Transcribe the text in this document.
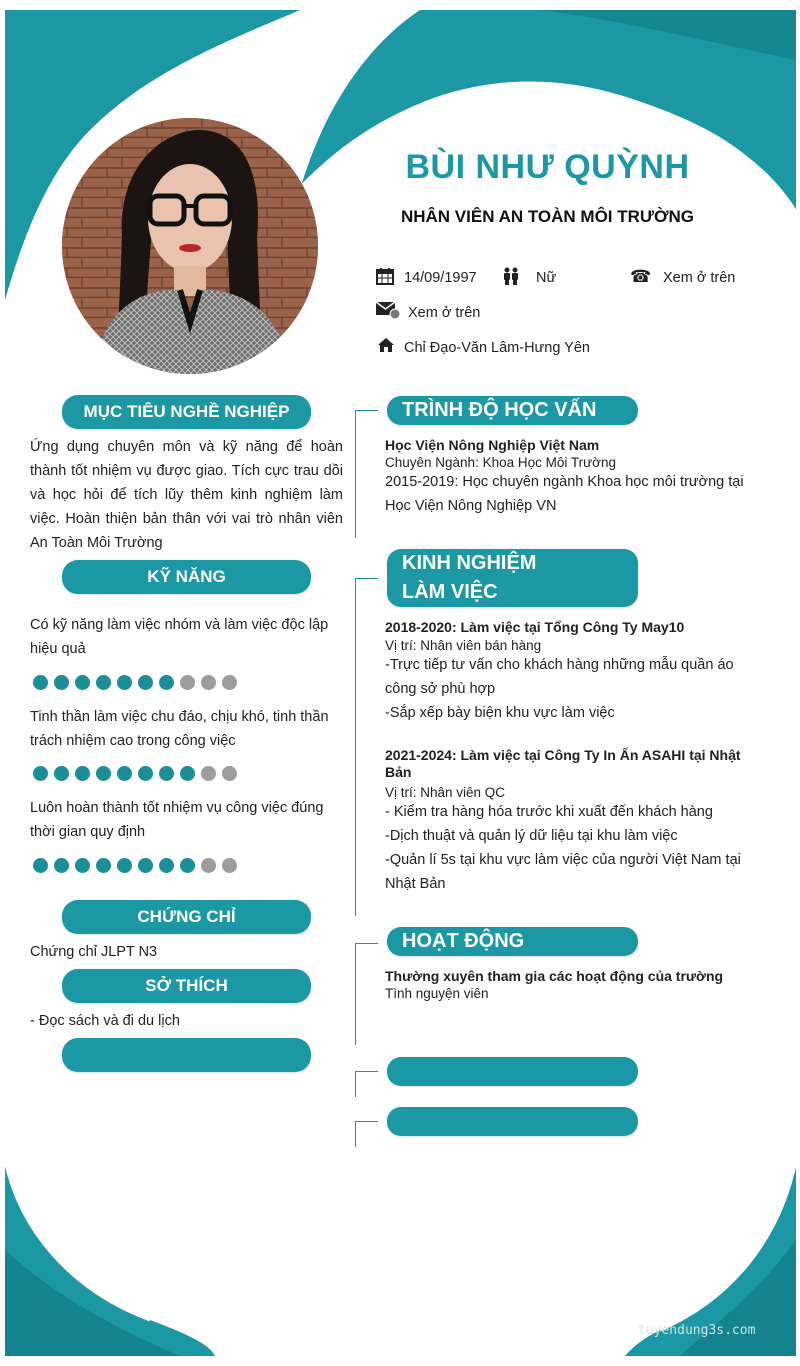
BÙI NHƯ QUỲNH
NHÂN VIÊN AN TOÀN MÔI TRƯỜNG
14/09/1997	Nữ	☎ Xem ở trên
Xem ở trên
Chỉ Đạo-Văn Lâm-Hưng Yên
MỤC TIÊU NGHỀ NGHIỆP
Ứng dụng chuyên môn và kỹ năng để hoàn thành tốt nhiệm vụ được giao. Tích cực trau dồi và học hỏi để tích lũy thêm kinh nghiệm làm việc. Hoàn thiện bản thân với vai trò nhân viên An Toàn Môi Trường
KỸ NĂNG
Có kỹ năng làm việc nhóm và làm việc độc lập hiệu quả
Tinh thần làm việc chu đáo, chịu khó, tinh thần trách nhiệm cao trong công việc
Luôn hoàn thành tốt nhiệm vụ công việc đúng thời gian quy định
CHỨNG CHỈ
Chứng chỉ JLPT N3
SỞ THÍCH
- Đọc sách và đi du lịch
TRÌNH ĐỘ HỌC VẤN
Học Viện Nông Nghiệp Việt Nam
Chuyên Ngành: Khoa Học Môi Trường
2015-2019: Học chuyên ngành Khoa học môi trường tại Học Viện Nông Nghiệp VN
KINH NGHIỆM LÀM VIỆC
2018-2020: Làm việc tại Tổng Công Ty May10
Vị trí: Nhân viên bán hàng
-Trực tiếp tư vấn cho khách hàng những mẫu quần áo công sở phù hợp
-Sắp xếp bày biện khu vực làm việc
2021-2024: Làm việc tại Công Ty In Ấn ASAHI tại Nhật Bản
Vị trí: Nhân viên QC
- Kiểm tra hàng hóa trước khi xuất đến khách hàng
-Dịch thuật và quản lý dữ liệu tại khu làm việc
-Quản lí 5s tại khu vực làm việc của người Việt Nam tại Nhật Bản
HOẠT ĐỘNG
Thường xuyên tham gia các hoạt động của trường
Tình nguyện viên
tuyendung3s.com
